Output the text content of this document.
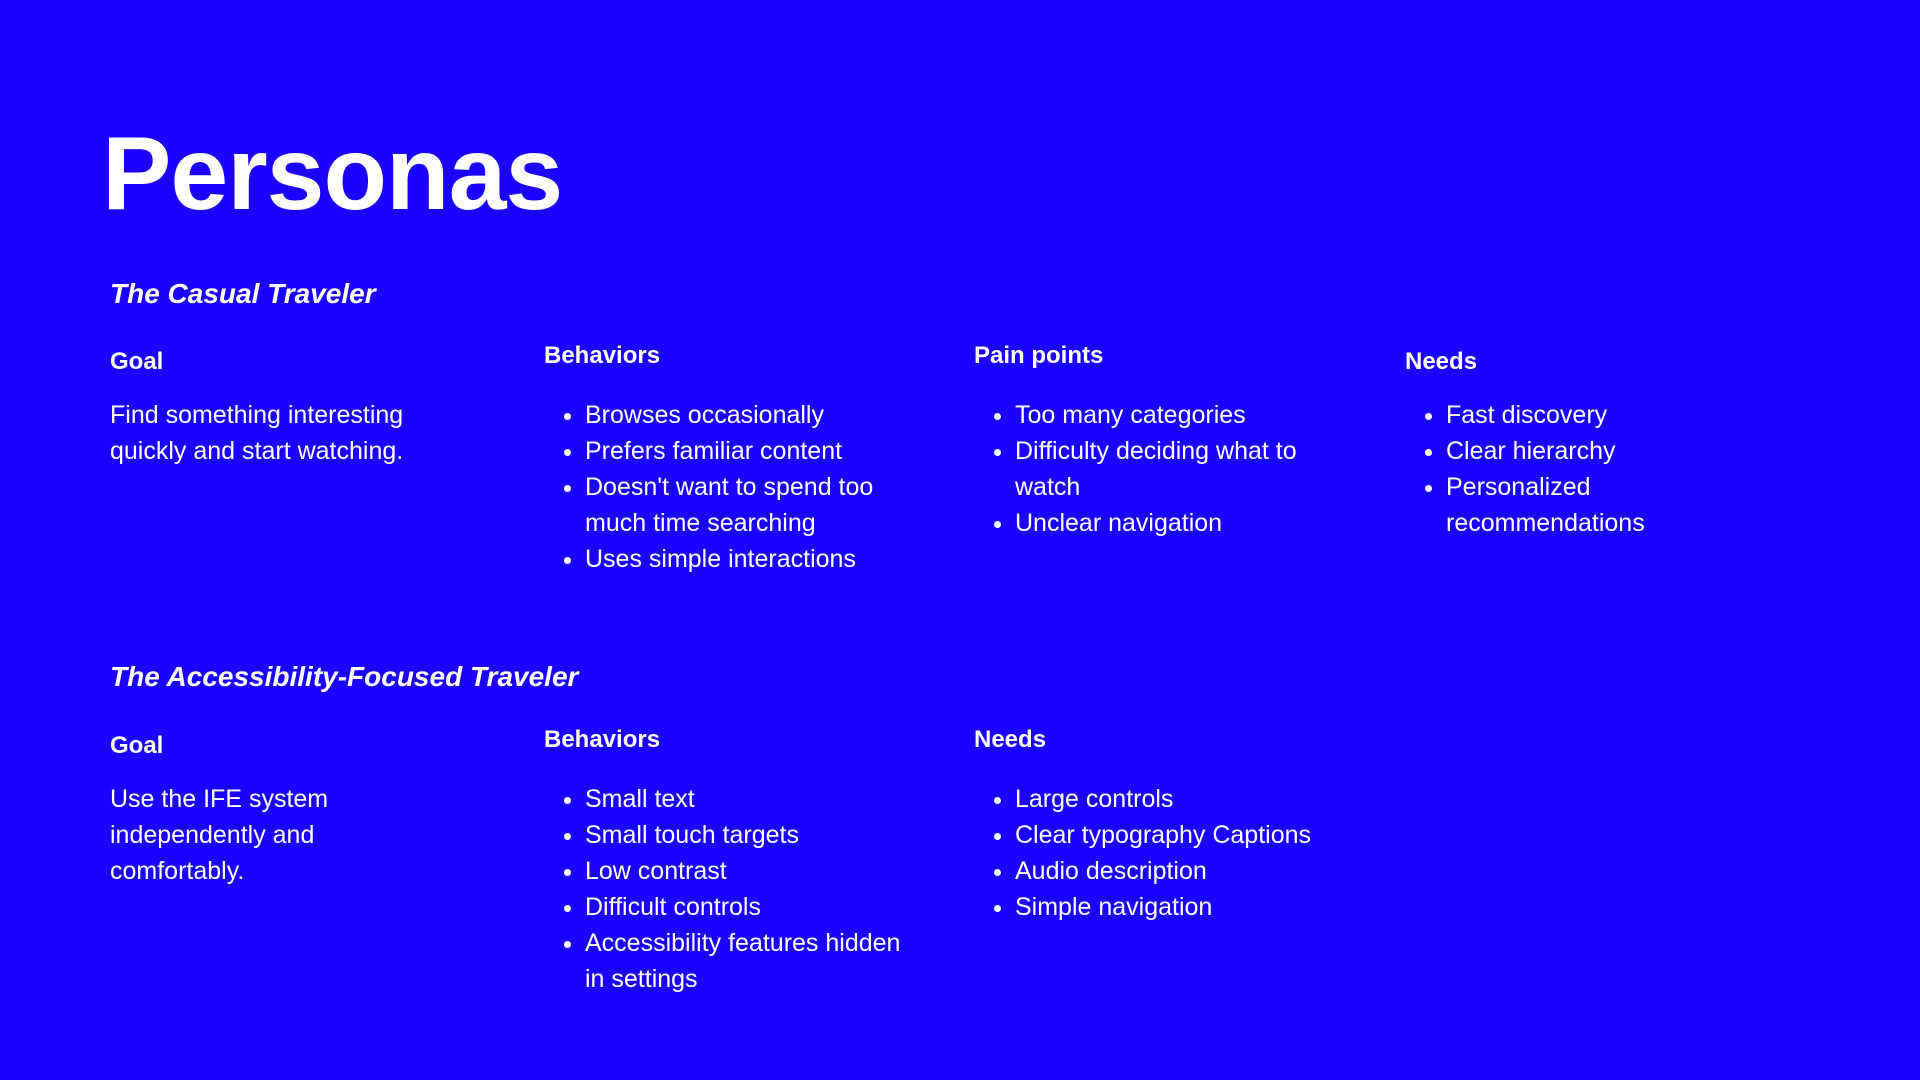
Personas
The Casual Traveler
Goal

Find something interesting quickly and start watching.

Behaviors
• Browses occasionally
• Prefers familiar content
• Doesn't want to spend too much time searching
• Uses simple interactions
Pain points
• Too many categories
• Difficulty deciding what to watch
• Unclear navigation
Needs
• Fast discovery
• Clear hierarchy
• Personalized recommendations
The Accessibility-Focused Traveler
Goal

Use the IFE system independently and comfortably.

Behaviors
• Small text
• Small touch targets
• Low contrast
• Difficult controls
• Accessibility features hidden in settings
Needs
• Large controls
• Clear typography Captions
• Audio description
• Simple navigation
